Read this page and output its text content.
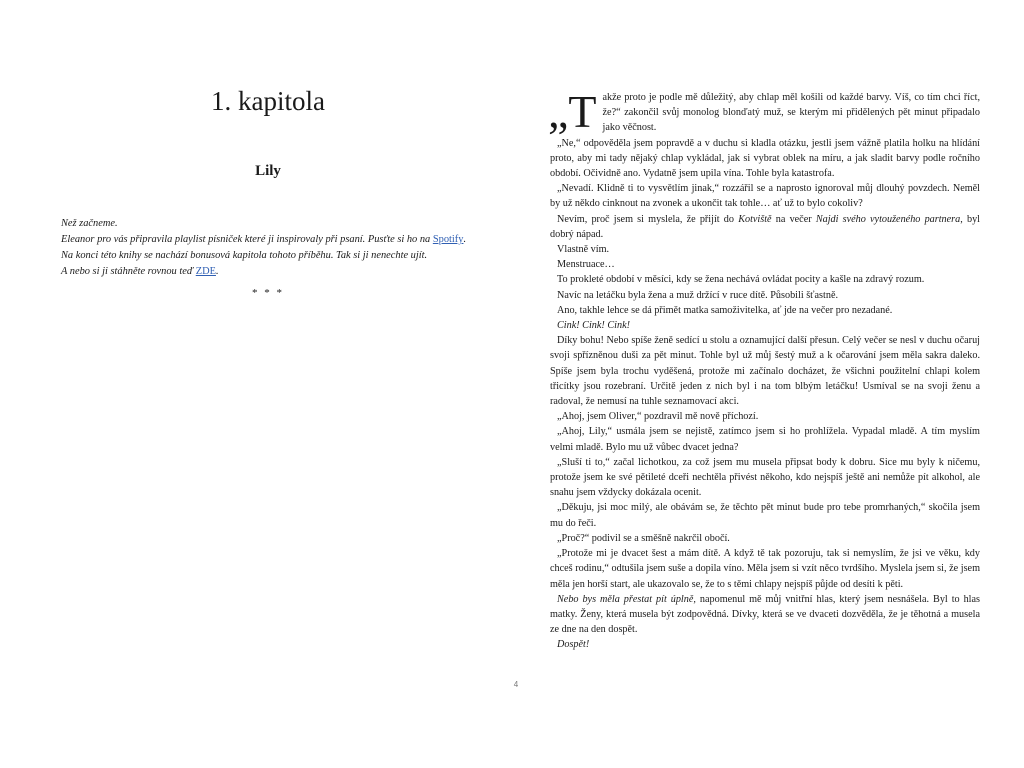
1. kapitola
Lily
Než začneme.
Eleanor pro vás připravila playlist písniček které ji inspirovaly při psaní. Pusťte si ho na Spotify.
Na konci této knihy se nachází bonusová kapitola tohoto příběhu. Tak si ji nenechte ujít.
A nebo si ji stáhněte rovnou teď ZDE.
* * *

„T akže proto je podle mě důležitý, aby chlap měl košili od každé barvy. Víš, co tím chci říct, že?“ zakončil svůj monolog blonďatý muž, se kterým mi přidělených pět minut připadalo jako věčnost.

„Ne,“ odpověděla jsem popravdě a v duchu si kladla otázku, jestli jsem vážně platila holku na hlídání proto, aby mi tady nějaký chlap vykládal, jak si vybrat oblek na míru, a jak sladit barvy podle ročního období. Očividně ano. Vydatně jsem upila vína. Tohle byla katastrofa.

„Nevadí. Klidně ti to vysvětlím jinak,“ rozzářil se a naprosto ignoroval můj dlouhý povzdech. Neměl by už někdo cinknout na zvonek a ukončit tak tohle… ať už to bylo cokoliv?

Nevím, proč jsem si myslela, že přijít do Kotviště na večer Najdi svého vytouženého partnera, byl dobrý nápad.

Vlastně vím.

Menstruace…

To prokleté období v měsíci, kdy se žena nechává ovládat pocity a kašle na zdravý rozum.

Navíc na letáčku byla žena a muž držící v ruce dítě. Působili šťastně.

Ano, takhle lehce se dá přimět matka samoživitelka, ať jde na večer pro nezadané.

Cink! Cink! Cink!

Díky bohu! Nebo spíše ženě sedící u stolu a oznamující další přesun. Celý večer se nesl v duchu očaruj svoji spřízněnou duši za pět minut. Tohle byl už můj šestý muž a k očarování jsem měla sakra daleko. Spíše jsem byla trochu vyděšená, protože mi začínalo docházet, že všichni použitelní chlapi kolem třicítky jsou rozebraní. Určitě jeden z nich byl i na tom blbým letáčku! Usmíval se na svoji ženu a radoval, že nemusí na tuhle seznamovací akci.

„Ahoj, jsem Oliver,“ pozdravil mě nově příchozí.

„Ahoj, Lily,“ usmála jsem se nejistě, zatímco jsem si ho prohlížela. Vypadal mladě. A tím myslím velmi mladě. Bylo mu už vůbec dvacet jedna?

„Sluší ti to,“ začal lichotkou, za což jsem mu musela připsat body k dobru. Sice mu byly k ničemu, protože jsem ke své pětileté dceři nechtěla přivést někoho, kdo nejspíš ještě ani nemůže pít alkohol, ale snahu jsem vždycky dokázala ocenit.

„Děkuju, jsi moc milý, ale obávám se, že těchto pět minut bude pro tebe promrhaných,“ skočila jsem mu do řeči.

„Proč?“ podivil se a směšně nakrčil obočí.

„Protože mi je dvacet šest a mám dítě. A když tě tak pozoruju, tak si nemyslím, že jsi ve věku, kdy chceš rodinu,“ odtušila jsem suše a dopila víno. Měla jsem si vzít něco tvrdšího. Myslela jsem si, že jsem měla jen horší start, ale ukazovalo se, že to s těmi chlapy nejspíš půjde od desíti k pěti.

Nebo bys měla přestat pít úplně, napomenul mě můj vnitřní hlas, který jsem nesnášela. Byl to hlas matky. Ženy, která musela být zodpovědná. Dívky, která se ve dvaceti dozvěděla, že je těhotná a musela ze dne na den dospět.

Dospět!

4
